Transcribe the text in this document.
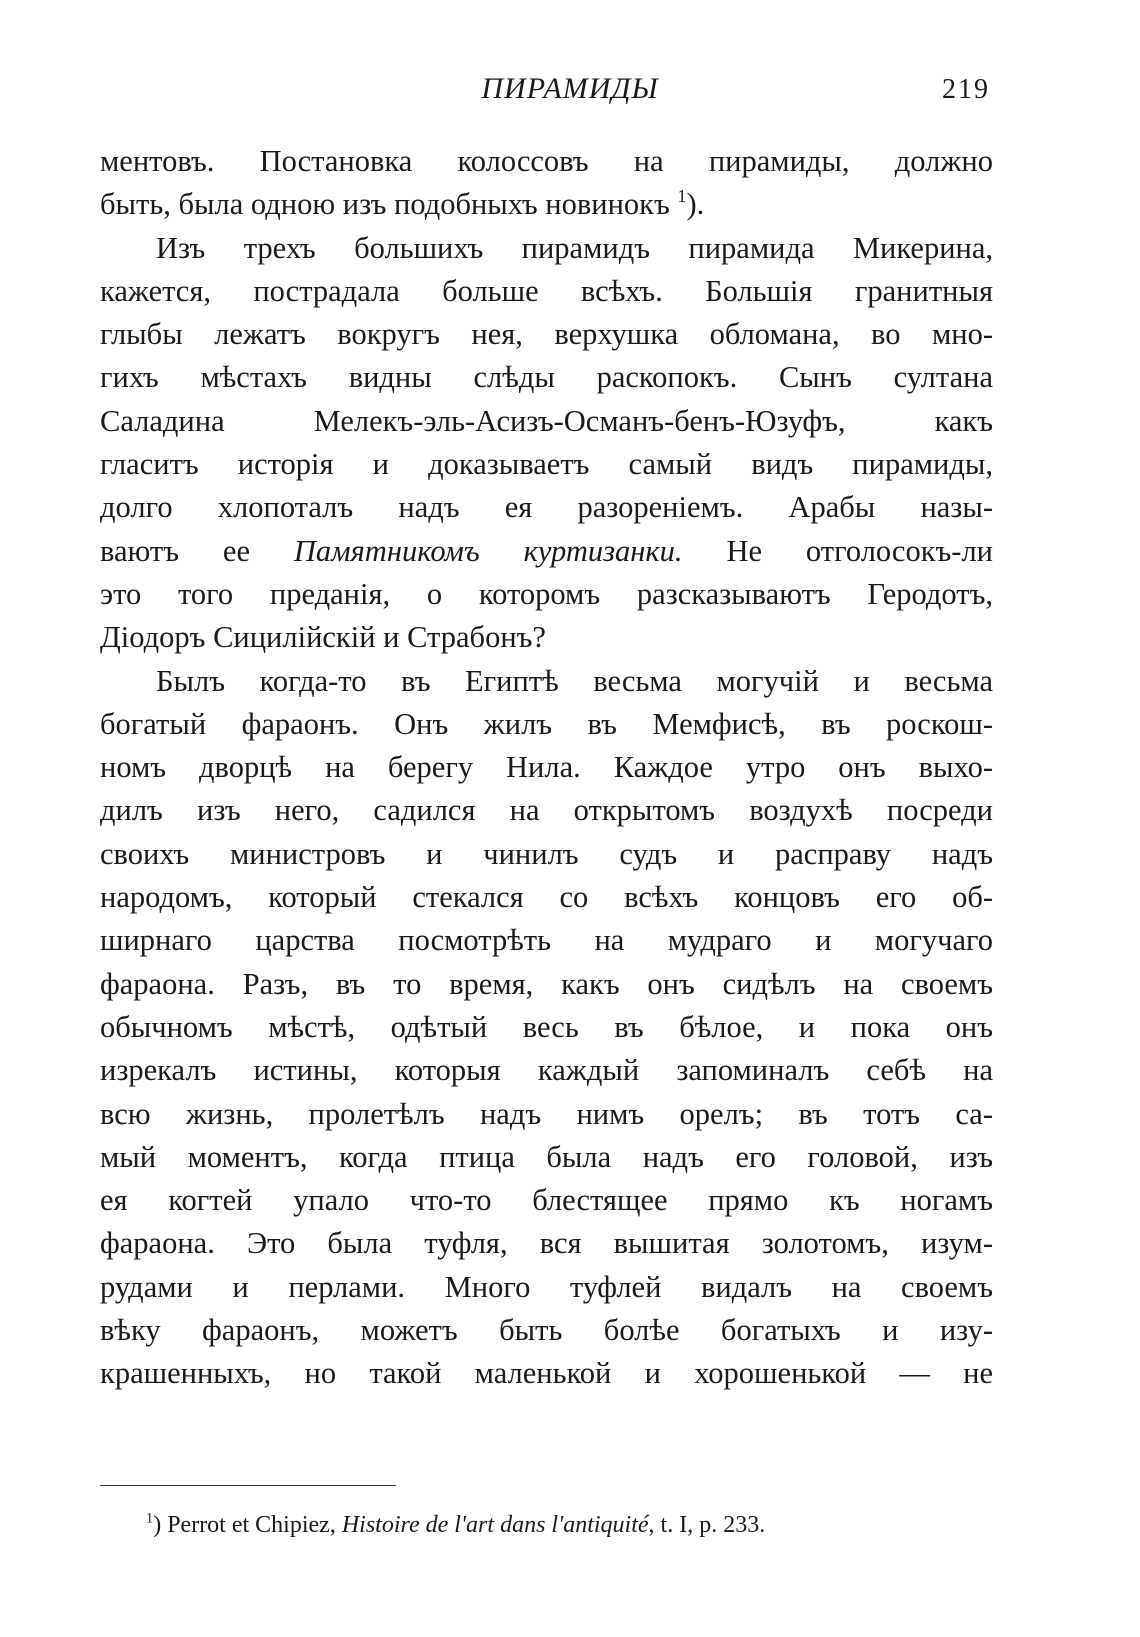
ПИРАМИДЫ	219
ментовъ. Постановка колоссовъ на пирамиды, должно
быть, была одною изъ подобныхъ новинокъ $^1$).
Изъ трехъ большихъ пирамидъ пирамида Микерина,
кажется, пострадала больше всѣхъ. Большія гранитныя
глыбы лежатъ вокругъ нея, верхушка обломана, во мно-
гихъ мѣстахъ видны слѣды раскопокъ. Сынъ султана
Саладина Мелекъ-эль-Асизъ-Османъ-бенъ-Юзуфъ, какъ
гласитъ исторія и доказываетъ самый видъ пирамиды,
долго хлопоталъ надъ ея разореніемъ. Арабы назы-
ваютъ ее Памятникомъ куртизанки. Не отголосокъ-ли
это того преданія, о которомъ разсказываютъ Геродотъ,
Діодоръ Сицилійскій и Страбонъ?
Былъ когда-то въ Египтѣ весьма могучій и весьма
богатый фараонъ. Онъ жилъ въ Мемфисѣ, въ роскош-
номъ дворцѣ на берегу Нила. Каждое утро онъ выхо-
дилъ изъ него, садился на открытомъ воздухѣ посреди
своихъ министровъ и чинилъ судъ и расправу надъ
народомъ, который стекался со всѣхъ концовъ его об-
ширнаго царства посмотрѣть на мудраго и могучаго
фараона. Разъ, въ то время, какъ онъ сидѣлъ на своемъ
обычномъ мѣстѣ, одѣтый весь въ бѣлое, и пока онъ
изрекалъ истины, которыя каждый запоминалъ себѣ на
всю жизнь, пролетѣлъ надъ нимъ орелъ; въ тотъ са-
мый моментъ, когда птица была надъ его головой, изъ
ея когтей упало что-то блестящее прямо къ ногамъ
фараона. Это была туфля, вся вышитая золотомъ, изум-
рудами и перлами. Много туфлей видалъ на своемъ
вѣку фараонъ, можетъ быть болѣе богатыхъ и изу-
крашенныхъ, но такой маленькой и хорошенькой — не
$^1$) Perrot et Chipiez, Histoire de l'art dans l'antiquité, t. I, p. 233.
